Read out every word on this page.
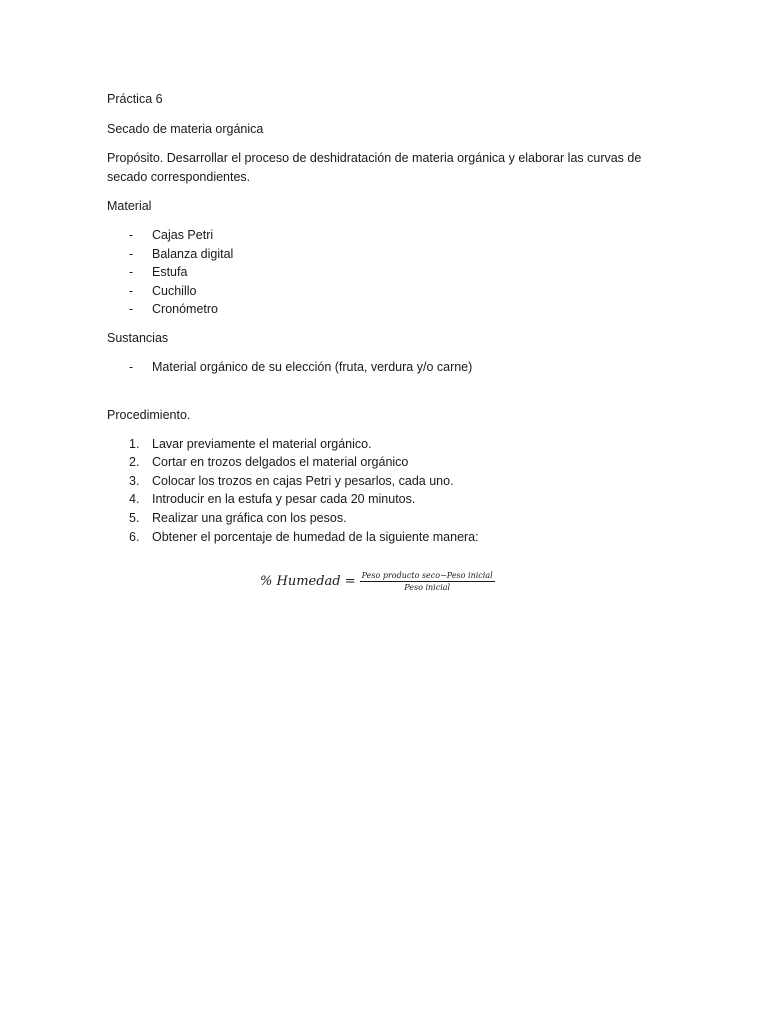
Práctica 6

Secado de materia orgánica

Propósito. Desarrollar el proceso de deshidratación de materia orgánica y elaborar las curvas de secado correspondientes.

Material

- Cajas Petri
- Balanza digital
- Estufa
- Cuchillo
- Cronómetro

Sustancias

- Material orgánico de su elección (fruta, verdura y/o carne)

Procedimiento.

1. Lavar previamente el material orgánico.
2. Cortar en trozos delgados el material orgánico
3. Colocar los trozos en cajas Petri y pesarlos, cada uno.
4. Introducir en la estufa y pesar cada 20 minutos.
5. Realizar una gráfica con los pesos.
6. Obtener el porcentaje de humedad de la siguiente manera:
% Humedad = $\frac{\text{Peso producto seco−Peso inicial}}{\text{Peso inicial}}$
